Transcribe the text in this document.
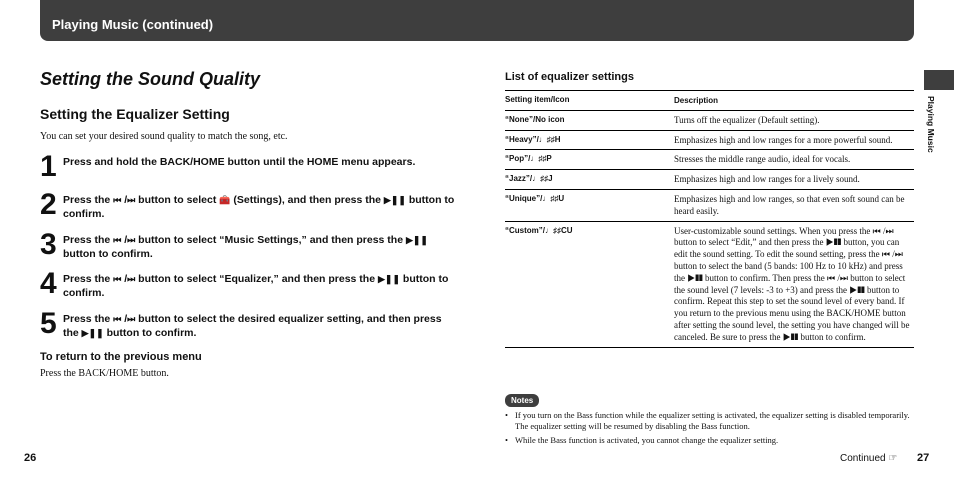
Playing Music (continued)
Setting the Sound Quality
Setting the Equalizer Setting
You can set your desired sound quality to match the song, etc.
1 Press and hold the BACK/HOME button until the HOME menu appears.
2 Press the ⏮ /⏭ button to select 🧰 (Settings), and then press the ▶❚❚ button to confirm.
3 Press the ⏮ /⏭ button to select “Music Settings,” and then press the ▶❚❚ button to confirm.
4 Press the ⏮ /⏭ button to select “Equalizer,” and then press the ▶❚❚ button to confirm.
5 Press the ⏮ /⏭ button to select the desired equalizer setting, and then press the ▶❚❚ button to confirm.
To return to the previous menu
Press the BACK/HOME button.
List of equalizer settings
Setting item/Icon	Description
“None”/No icon	Turns off the equalizer (Default setting).
“Heavy”/♩♯♯H	Emphasizes high and low ranges for a more powerful sound.
“Pop”/♩♯♯P	Stresses the middle range audio, ideal for vocals.
“Jazz”/♩♯♯J	Emphasizes high and low ranges for a lively sound.
“Unique”/♩♯♯U	Emphasizes high and low ranges, so that even soft sound can be heard easily.
“Custom”/♩♯♯CU	User-customizable sound settings. When you press the ⏮ /⏭ button to select “Edit,” and then press the ▶❚❚ button, you can edit the sound setting. To edit the sound setting, press the ⏮ /⏭ button to select the band (5 bands: 100 Hz to 10 kHz) and press the ▶❚❚ button to confirm. Then press the ⏮ /⏭ button to select the sound level (7 levels: -3 to +3) and press the ▶❚❚ button to confirm. Repeat this step to set the sound level of every band. If you return to the previous menu using the BACK/HOME button after setting the sound level, the setting you have changed will be canceled. Be sure to press the ▶❚❚ button to confirm.
Notes
• If you turn on the Bass function while the equalizer setting is activated, the equalizer setting is disabled temporarily. The equalizer setting will be resumed by disabling the Bass function.
• While the Bass function is activated, you cannot change the equalizer setting.
Playing Music
26	Continued ☞ 27
